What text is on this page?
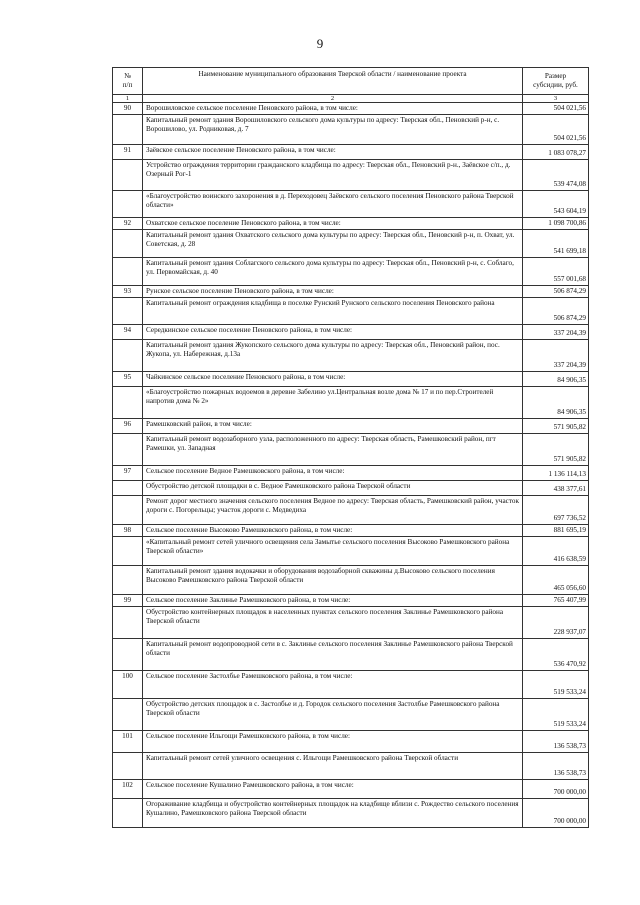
9
№
п/п	Наименование муниципального образования Тверской области / наименование проекта	Размер
субсидии, руб.
1	2	3
90	Ворошиловское сельское поселение Пеновского района, в том числе:	504 021,56
	Капитальный ремонт здания Ворошиловского сельского дома культуры по адресу: Тверская обл., Пеновский р-н, с. Ворошилово, ул. Родниковая, д. 7	504 021,56
91	Заёвское сельское поселение Пеновского района, в том числе:	1 083 078,27
	Устройство ограждения территории гражданского кладбища по адресу: Тверская обл., Пеновский р-н., Заёвское с/п., д. Озерный Рог-1	539 474,08
	«Благоустройство воинского захоронения в д. Переходовец Заёвского сельского поселения Пеновского района Тверской области»	543 604,19
92	Охватское сельское поселение Пеновского района, в том числе:	1 098 700,86
	Капитальный ремонт здания Охватского сельского дома культуры по адресу: Тверская обл., Пеновский р-н, п. Охват, ул. Советская, д. 28	541 699,18
	Капитальный ремонт здания Соблагского сельского дома культуры по адресу: Тверская обл., Пеновский р-н, с. Соблаго, ул. Первомайская, д. 40	557 001,68
93	Рунское сельское поселение Пеновского района, в том числе:	506 874,29
	Капитальный ремонт ограждения кладбища в поселке Рунский Рунского сельского поселения Пеновского района	506 874,29
94	Середкинское сельское поселение Пеновского района, в том числе:	337 204,39
	Капитальный ремонт здания Жукопского сельского дома культуры по адресу: Тверская обл., Пеновский район, пос. Жукопа, ул. Набережная, д.13а	337 204,39
95	Чайкинское сельское поселение Пеновского района, в том числе:	84 906,35
	«Благоустройство пожарных водоемов в деревне Забелино ул.Центральная возле дома № 17 и по пер.Строителей напротив дома № 2»	84 906,35
96	Рамешковский район, в том числе:	571 905,82
	Капитальный ремонт водозаборного узла, расположенного по адресу: Тверская область, Рамешковский район, пгт Рамешки, ул. Западная	571 905,82
97	Сельское поселение Ведное Рамешковского района, в том числе:	1 136 114,13
	Обустройство детской площадки в с. Ведное Рамешковского района Тверской области	438 377,61
	Ремонт дорог местного значения сельского поселения Ведное по адресу: Тверская область, Рамешковский район, участок дороги с. Погорельцы; участок дороги с. Медведиха	697 736,52
98	Сельское поселение Высоково Рамешковского района, в том числе:	881 695,19
	«Капитальный ремонт сетей уличного освещения села Замытье сельского поселения Высоково Рамешковского района Тверской области»	416 638,59
	Капитальный ремонт здания водокачки и оборудования водозаборной скважины д.Высоково сельского поселения Высоково Рамешковского района Тверской области	465 056,60
99	Сельское поселение Заклинье Рамешковского района, в том числе:	765 407,99
	Обустройство контейнерных площадок в населенных пунктах сельского поселения Заклинье Рамешковского района Тверской области	228 937,07
	Капитальный ремонт водопроводной сети в с. Заклинье сельского поселения Заклинье Рамешковского района Тверской области	536 470,92
100	Сельское поселение Застолбье Рамешковского района, в том числе:	519 533,24
	Обустройство детских площадок в с. Застолбье и д. Городок сельского поселения Застолбье Рамешковского района Тверской области	519 533,24
101	Сельское поселение Ильгощи Рамешковского района, в том числе:	136 538,73
	Капитальный ремонт сетей уличного освещения с. Ильгощи Рамешковского района Тверской области	136 538,73
102	Сельское поселение Кушалино Рамешковского района, в том числе:	700 000,00
	Огораживание кладбища и обустройство контейнерных площадок на кладбище вблизи с. Рождество сельского поселения Кушалино, Рамешковского района Тверской области	700 000,00
